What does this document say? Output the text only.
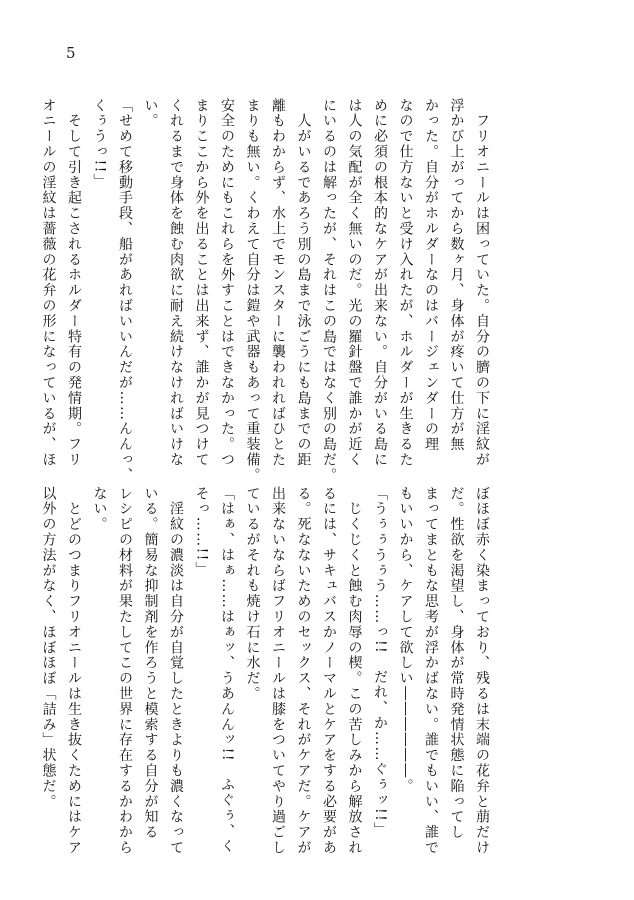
5
　フリオニールは困っていた。自分の臍の下に淫紋が
浮かび上がってから数ヶ月、身体が疼いて仕方が無
かった。自分がホルダーなのはバージェンダーの理
なので仕方ないと受け入れたが、ホルダーが生きるた
めに必須の根本的なケアが出来ない。自分がいる島に
は人の気配が全く無いのだ。光の羅針盤で誰かが近く
にいるのは解ったが、それはこの島ではなく別の島だ。
　人がいるであろう別の島まで泳ごうにも島までの距
離もわからず、水上でモンスターに襲われればひとた
まりも無い。くわえて自分は鎧や武器もあって重装備。
安全のためにもこれらを外すことはできなかった。つ
まりここから外を出ることは出来ず、誰かが見つけて
くれるまで身体を蝕む肉欲に耐え続けなければいけな
い。
「せめて移動手段、船があればいいんだが……んんっ、
くぅうっ!!」
　そして引き起こされるホルダー特有の発情期。フリ
オニールの淫紋は薔薇の花弁の形になっているが、ほ
ぼほぼ赤く染まっており、残るは末端の花弁と萠だけ
だ。性欲を渇望し、身体が常時発情状態に陥ってし
まってまともな思考が浮かばない。誰でもいい、誰で
もいいから、ケアして欲しい――――――。
「うぅぅうぅう……っ!!　だれ、か……ぐぅッ!!」
　じくじくと蝕む肉辱の楔。この苦しみから解放され
るには、サキュバスかノーマルとケアをする必要があ
る。死なないためのセックス、それがケアだ。ケアが
出来ないならばフリオニールは膝をついてやり過ごし
ているがそれも焼け石に水だ。
「はぁ、はぁ……はぁッ、うあんんッ!!　ふぐぅ、く
そっ……!!」
　淫紋の濃淡は自分が自覚したときよりも濃くなって
いる。簡易な抑制剤を作ろうと模索する自分が知る
レシピの材料が果たしてこの世界に存在するかわから
ない。
　とどのつまりフリオニールは生き抜くためにはケア
以外の方法がなく、ほぼほぼ「詰み」状態だ。
